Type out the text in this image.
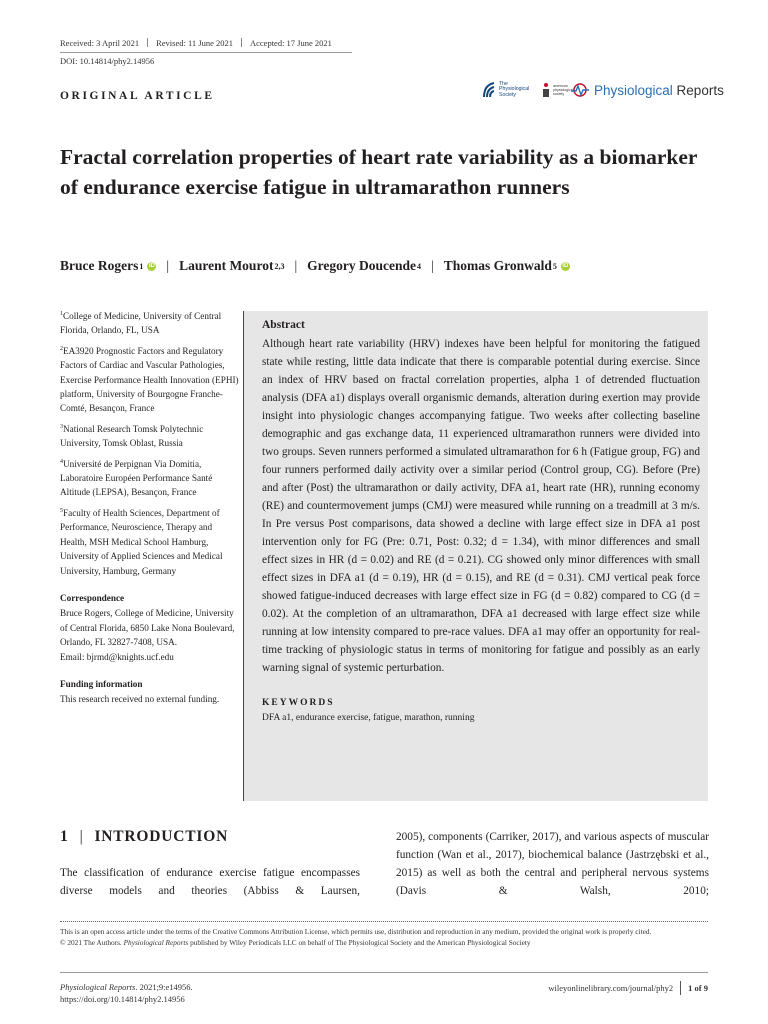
Received: 3 April 2021 Revised: 11 June 2021 Accepted: 17 June 2021
DOI: 10.14814/phy2.14956
ORIGINAL ARTICLE
The
Physiological
Society
american physiological society Physiological Reports
Fractal correlation properties of heart rate variability as a biomarker of endurance exercise fatigue in ultramarathon runners
Bruce Rogers 1 iD | Laurent Mourot 2,3 | Gregory Doucende 4 | Thomas Gronwald 5 iD

$^1$College of Medicine, University of Central Florida, Orlando, FL, USA

$^2$EA3920 Prognostic Factors and Regulatory Factors of Cardiac and Vascular Pathologies, Exercise Performance Health Innovation (EPHI) platform, University of Bourgogne Franche-Comté, Besançon, France

$^3$National Research Tomsk Polytechnic University, Tomsk Oblast, Russia

$^4$Université de Perpignan Via Domitia, Laboratoire Européen Performance Santé Altitude (LEPSA), Besançon, France

$^5$Faculty of Health Sciences, Department of Performance, Neuroscience, Therapy and Health, MSH Medical School Hamburg, University of Applied Sciences and Medical University, Hamburg, Germany

Correspondence

Bruce Rogers, College of Medicine, University of Central Florida, 6850 Lake Nona Boulevard, Orlando, FL 32827-7408, USA.

Email: bjrmd@knights.ucf.edu

Funding information

This research received no external funding.

Abstract

Although heart rate variability (HRV) indexes have been helpful for monitoring the fatigued state while resting, little data indicate that there is comparable potential during exercise. Since an index of HRV based on fractal correlation properties, alpha 1 of detrended fluctuation analysis (DFA a1) displays overall organismic demands, alteration during exertion may provide insight into physiologic changes accompanying fatigue. Two weeks after collecting baseline demographic and gas exchange data, 11 experienced ultramarathon runners were divided into two groups. Seven runners performed a simulated ultramarathon for 6 h (Fatigue group, FG) and four runners performed daily activity over a similar period (Control group, CG). Before (Pre) and after (Post) the ultramarathon or daily activity, DFA a1, heart rate (HR), running economy (RE) and countermovement jumps (CMJ) were measured while running on a treadmill at 3 m/s. In Pre versus Post comparisons, data showed a decline with large effect size in DFA a1 post intervention only for FG (Pre: 0.71, Post: 0.32; d = 1.34), with minor differences and small effect sizes in HR (d = 0.02) and RE (d = 0.21). CG showed only minor differences with small effect sizes in DFA a1 (d = 0.19), HR (d = 0.15), and RE (d = 0.31). CMJ vertical peak force showed fatigue-induced decreases with large effect size in FG (d = 0.82) compared to CG (d = 0.02). At the completion of an ultramarathon, DFA a1 decreased with large effect size while running at low intensity compared to pre-race values. DFA a1 may offer an opportunity for real-time tracking of physiologic status in terms of monitoring for fatigue and possibly as an early warning signal of systemic perturbation.

KEYWORDS

DFA a1, endurance exercise, fatigue, marathon, running

1 | INTRODUCTION
The classification of endurance exercise fatigue encompasses diverse models and theories (Abbiss & Laursen,
2005), components (Carriker, 2017), and various aspects of muscular function (Wan et al., 2017), biochemical balance (Jastrzębski et al., 2015) as well as both the central and peripheral nervous systems (Davis & Walsh, 2010;

This is an open access article under the terms of the Creative Commons Attribution License, which permits use, distribution and reproduction in any medium, provided the original work is properly cited.

© 2021 The Authors. Physiological Reports published by Wiley Periodicals LLC on behalf of The Physiological Society and the American Physiological Society

Physiological Reports. 2021;9:e14956.
https://doi.org/10.14814/phy2.14956
wileyonlinelibrary.com/journal/phy2 1 of 9
